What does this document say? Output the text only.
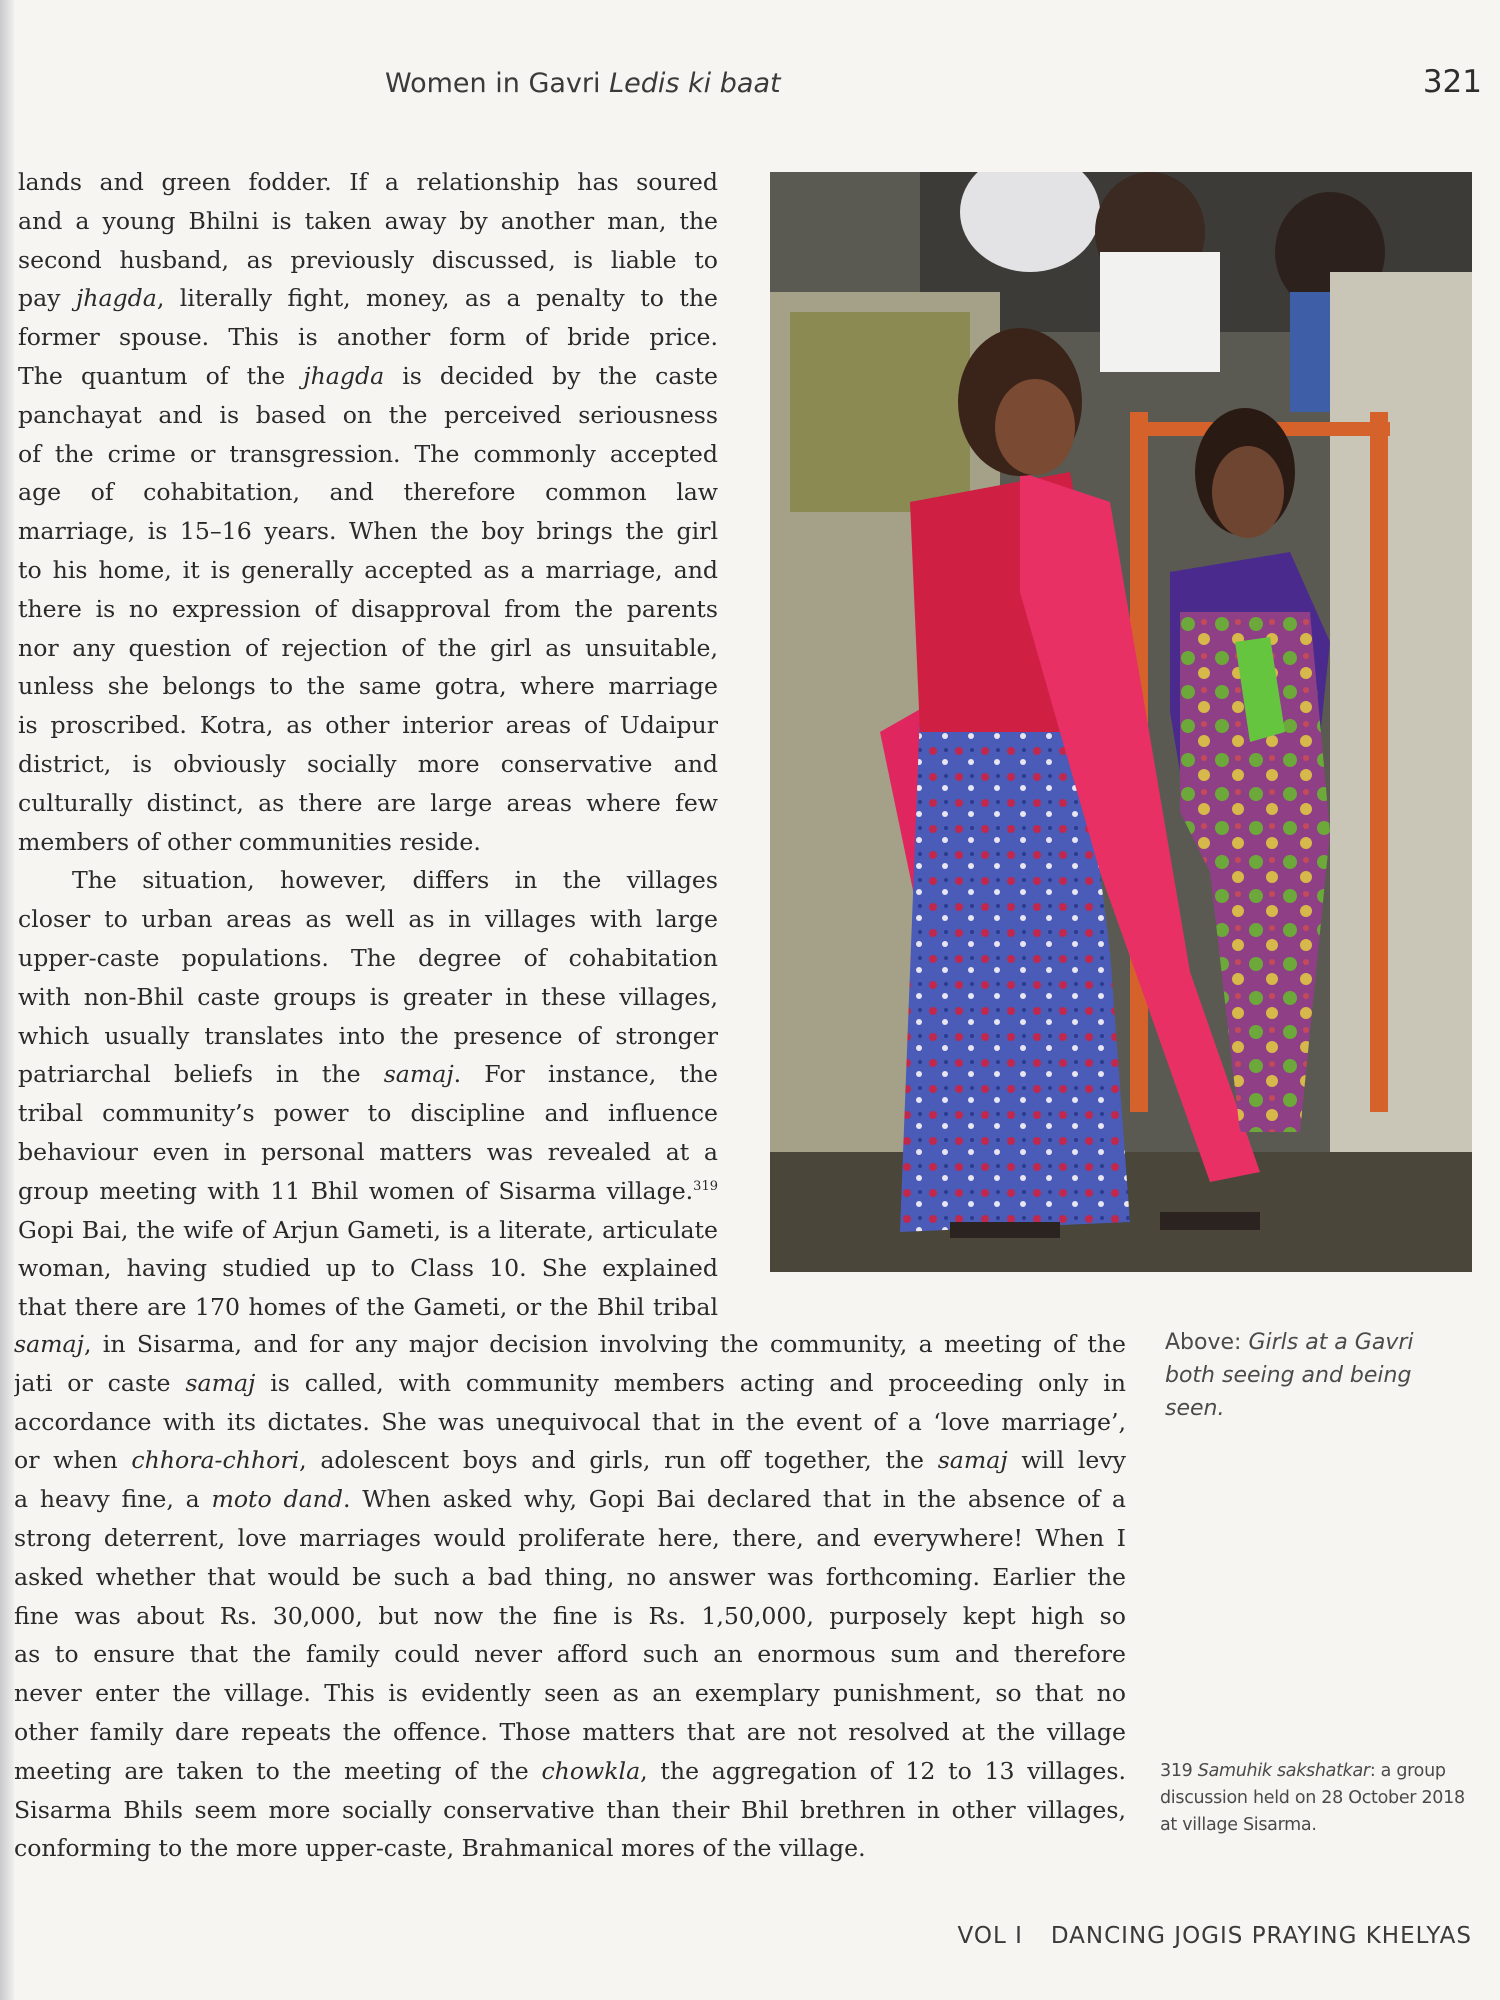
Women in Gavri Ledis ki baat	321
lands and green fodder. If a relationship has soured
and a young Bhilni is taken away by another man, the
second husband, as previously discussed, is liable to
pay jhagda, literally fight, money, as a penalty to the
former spouse. This is another form of bride price.
The quantum of the jhagda is decided by the caste
panchayat and is based on the perceived seriousness
of the crime or transgression. The commonly accepted
age of cohabitation, and therefore common law
marriage, is 15–16 years. When the boy brings the girl
to his home, it is generally accepted as a marriage, and
there is no expression of disapproval from the parents
nor any question of rejection of the girl as unsuitable,
unless she belongs to the same gotra, where marriage
is proscribed. Kotra, as other interior areas of Udaipur
district, is obviously socially more conservative and
culturally distinct, as there are large areas where few
members of other communities reside.
The situation, however, differs in the villages
closer to urban areas as well as in villages with large
upper-caste populations. The degree of cohabitation
with non-Bhil caste groups is greater in these villages,
which usually translates into the presence of stronger
patriarchal beliefs in the samaj. For instance, the
tribal community’s power to discipline and influence
behaviour even in personal matters was revealed at a
group meeting with 11 Bhil women of Sisarma village.$^{319}$
Gopi Bai, the wife of Arjun Gameti, is a literate, articulate
woman, having studied up to Class 10. She explained
that there are 170 homes of the Gameti, or the Bhil tribal
samaj, in Sisarma, and for any major decision involving the community, a meeting of the
jati or caste samaj is called, with community members acting and proceeding only in
accordance with its dictates. She was unequivocal that in the event of a ‘love marriage’,
or when chhora-chhori, adolescent boys and girls, run off together, the samaj will levy
a heavy fine, a moto dand. When asked why, Gopi Bai declared that in the absence of a
strong deterrent, love marriages would proliferate here, there, and everywhere! When I
asked whether that would be such a bad thing, no answer was forthcoming. Earlier the
fine was about Rs. 30,000, but now the fine is Rs. 1,50,000, purposely kept high so
as to ensure that the family could never afford such an enormous sum and therefore
never enter the village. This is evidently seen as an exemplary punishment, so that no
other family dare repeats the offence. Those matters that are not resolved at the village
meeting are taken to the meeting of the chowkla, the aggregation of 12 to 13 villages.
Sisarma Bhils seem more socially conservative than their Bhil brethren in other villages,
conforming to the more upper-caste, Brahmanical mores of the village.
Above: Girls at a Gavri both seeing and being seen.
319 Samuhik sakshatkar: a group discussion held on 28 October 2018 at village Sisarma.
VOL I DANCING JOGIS PRAYING KHELYAS
